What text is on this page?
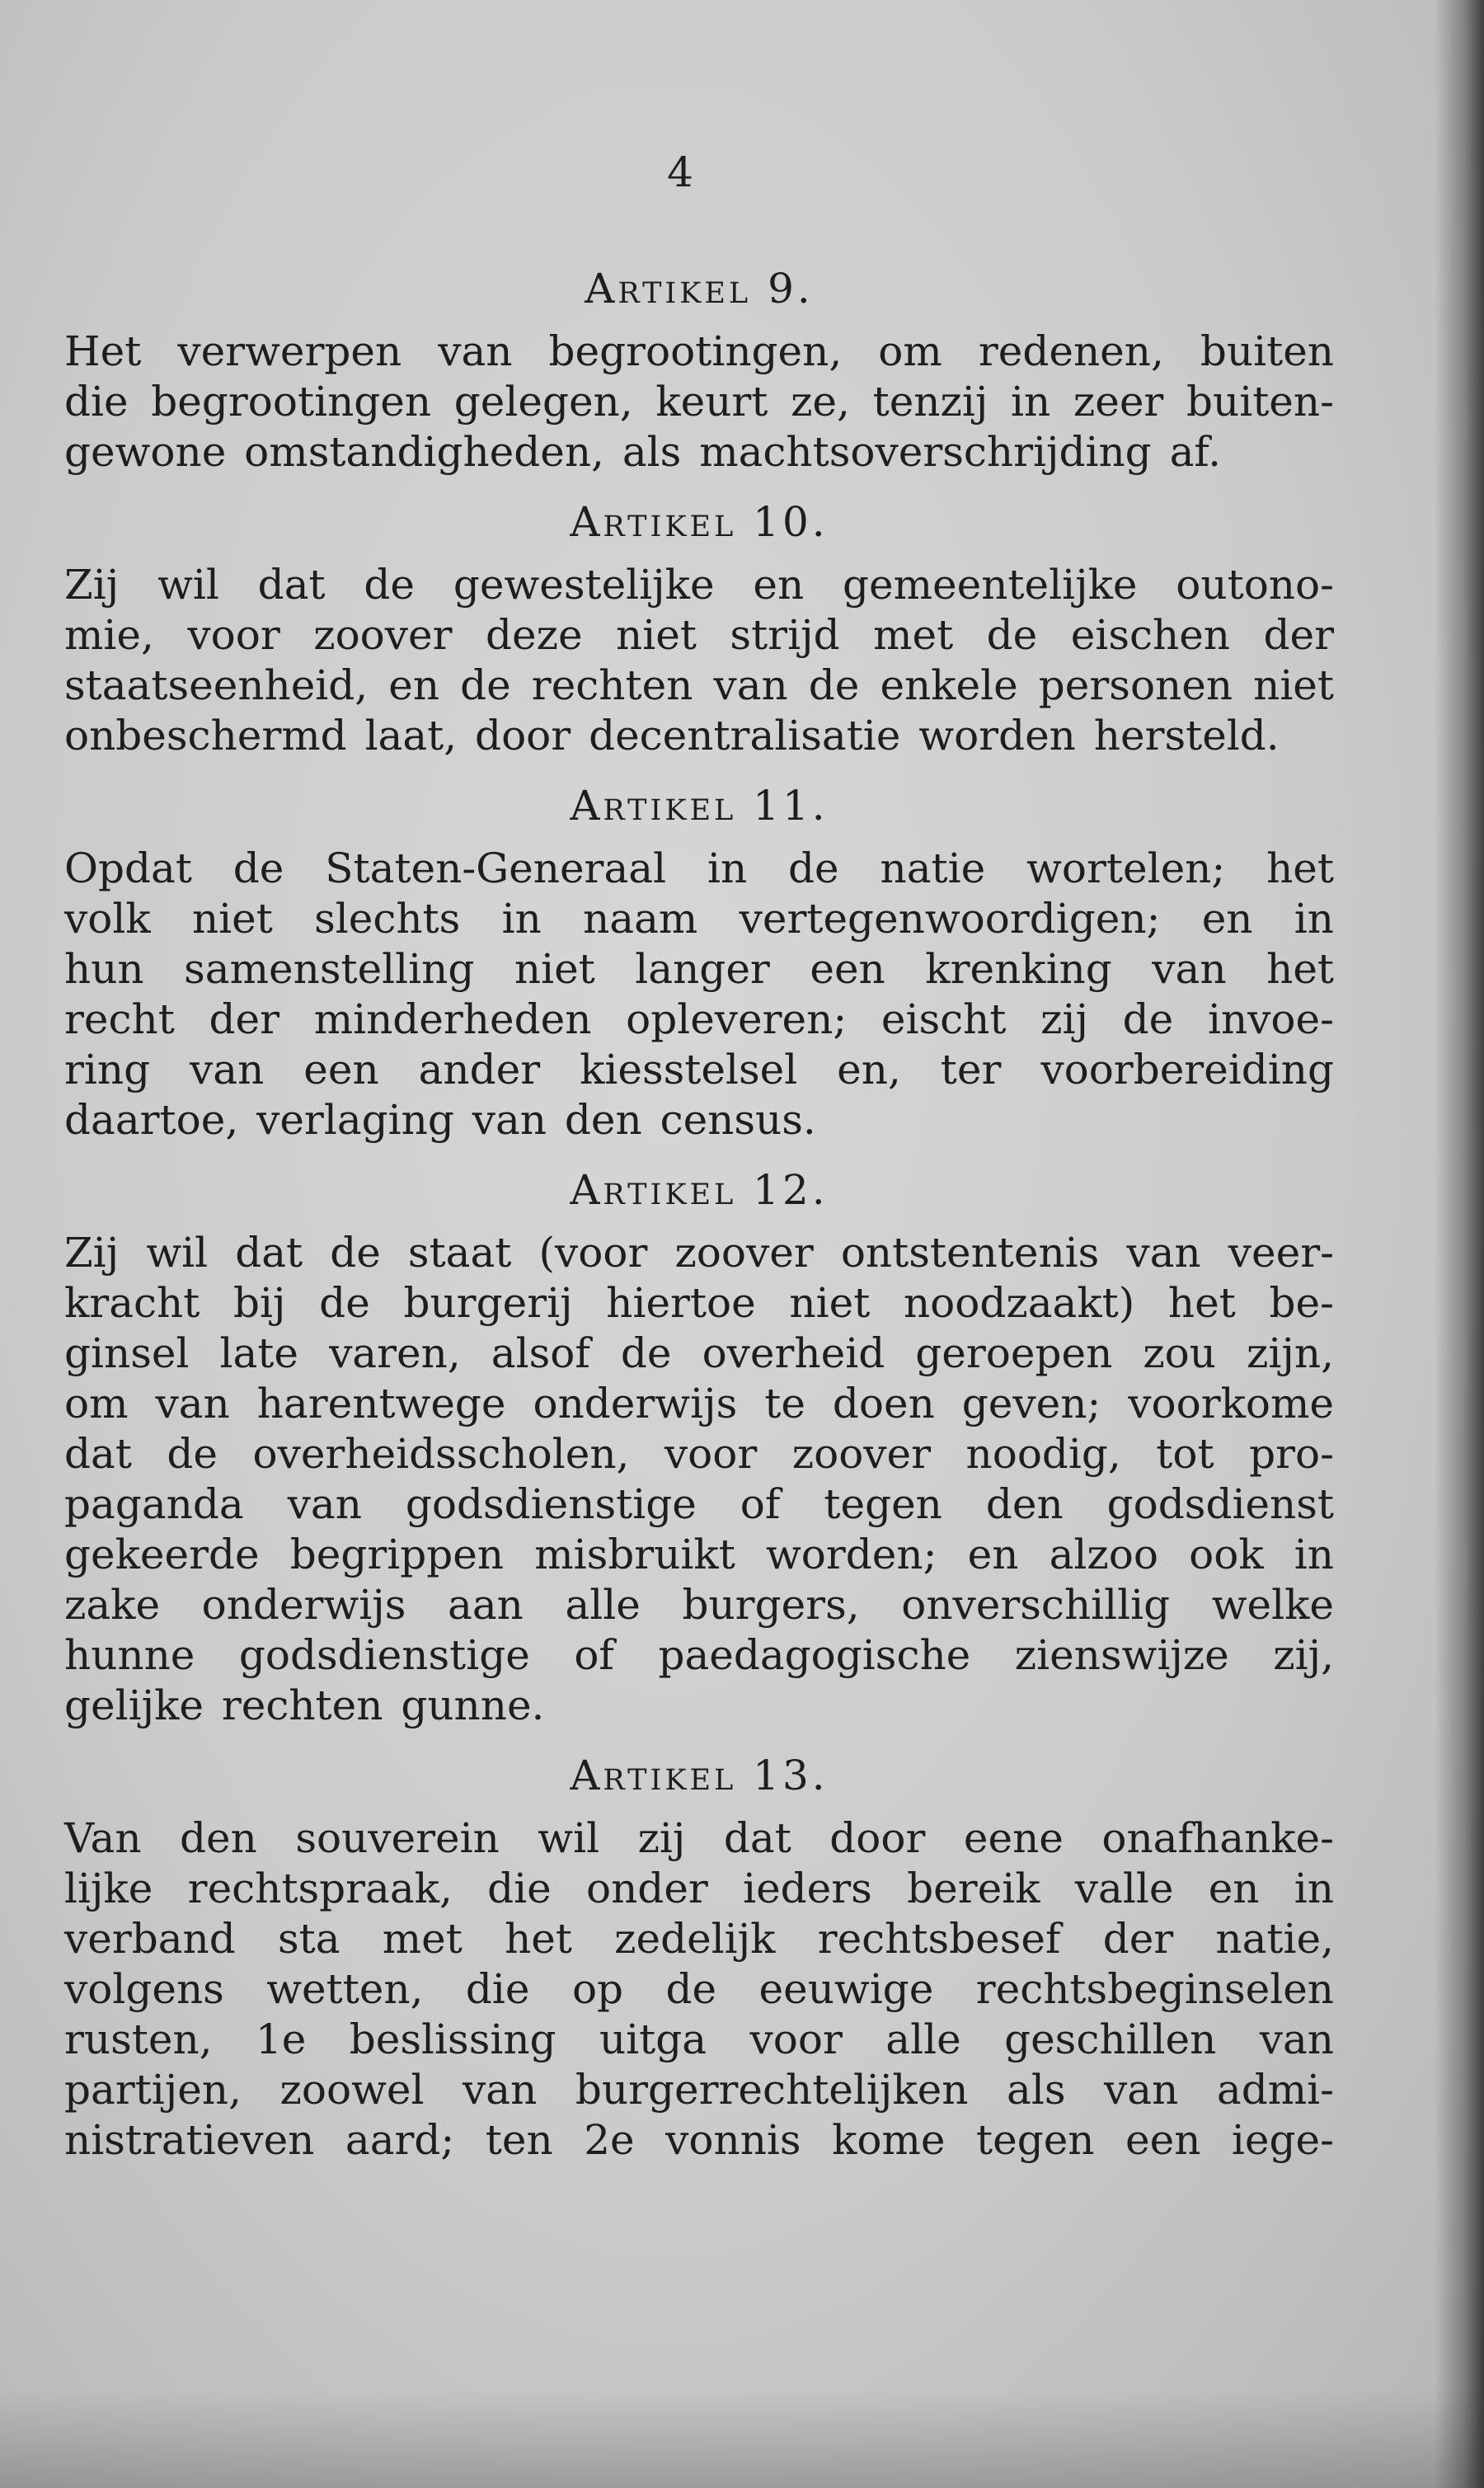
4
Artikel 9.
Het verwerpen van begrootingen, om redenen, buiten
die begrootingen gelegen, keurt ze, tenzij in zeer buiten-
gewone omstandigheden, als machtsoverschrijding af.
Artikel 10.
Zij wil dat de gewestelijke en gemeentelijke outono-
mie, voor zoover deze niet strijd met de eischen der
staatseenheid, en de rechten van de enkele personen niet
onbeschermd laat, door decentralisatie worden hersteld.
Artikel 11.
Opdat de Staten-Generaal in de natie wortelen; het
volk niet slechts in naam vertegenwoordigen; en in
hun samenstelling niet langer een krenking van het
recht der minderheden opleveren; eischt zij de invoe-
ring van een ander kiesstelsel en, ter voorbereiding
daartoe, verlaging van den census.
Artikel 12.
Zij wil dat de staat (voor zoover ontstentenis van veer-
kracht bij de burgerij hiertoe niet noodzaakt) het be-
ginsel late varen, alsof de overheid geroepen zou zijn,
om van harentwege onderwijs te doen geven; voorkome
dat de overheidsscholen, voor zoover noodig, tot pro-
paganda van godsdienstige of tegen den godsdienst
gekeerde begrippen misbruikt worden; en alzoo ook in
zake onderwijs aan alle burgers, onverschillig welke
hunne godsdienstige of paedagogische zienswijze zij,
gelijke rechten gunne.
Artikel 13.
Van den souverein wil zij dat door eene onafhanke-
lijke rechtspraak, die onder ieders bereik valle en in
verband sta met het zedelijk rechtsbesef der natie,
volgens wetten, die op de eeuwige rechtsbeginselen
rusten, 1e beslissing uitga voor alle geschillen van
partijen, zoowel van burgerrechtelijken als van admi-
nistratieven aard; ten 2e vonnis kome tegen een iege-
